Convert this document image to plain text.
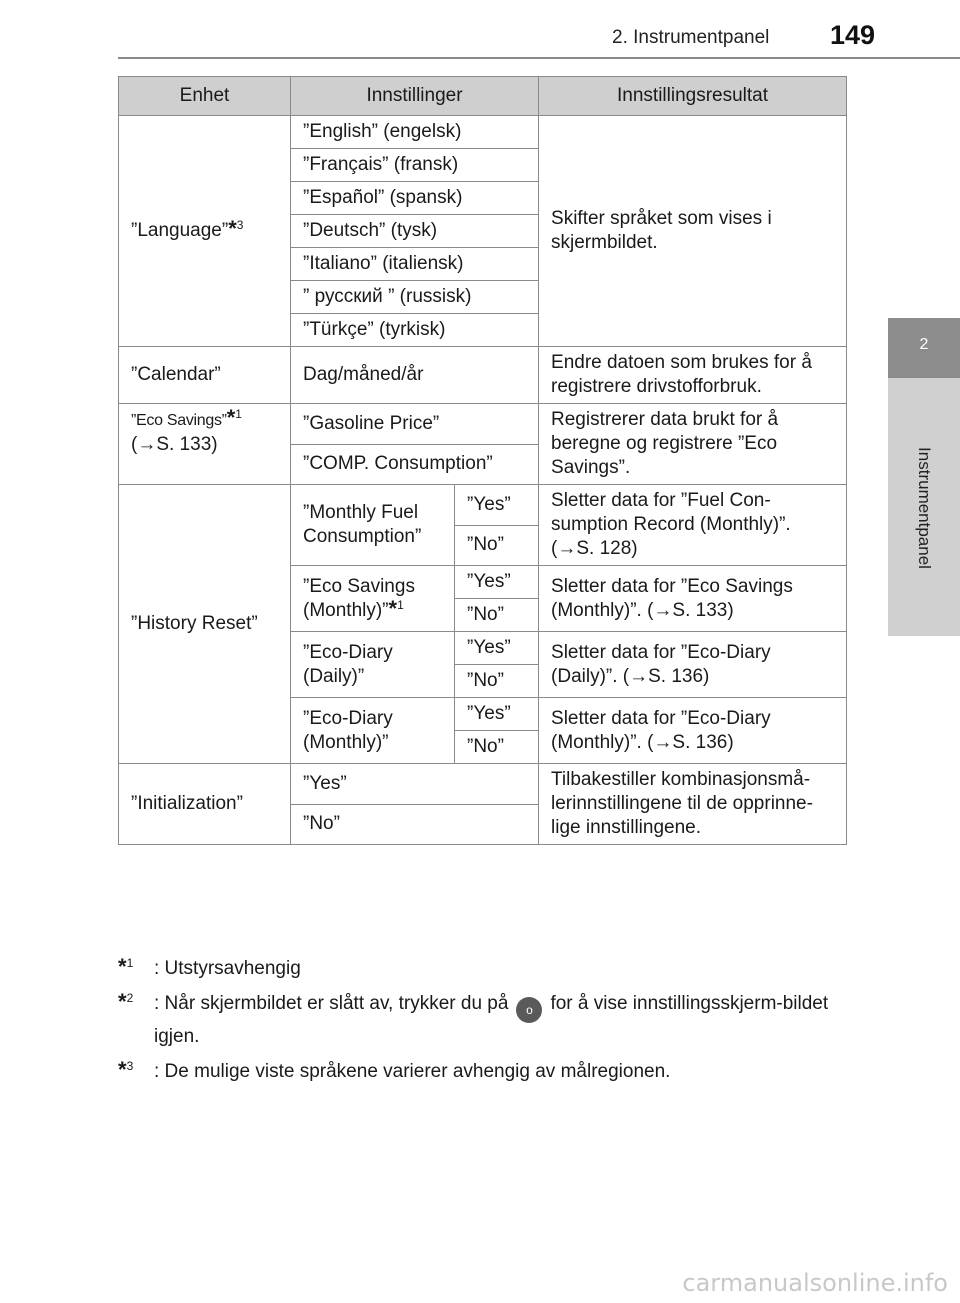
2. Instrumentpanel 149
2
Instrumentpanel
Enhet	Innstillinger		Innstillingsresultat
”Language”*$^3$	”English” (engelsk)		Skifter språket som vises i skjermbildet.
	”Français” (fransk)		
	”Español” (spansk)		
	”Deutsch” (tysk)		
	”Italiano” (italiensk)		
	” русский ” (russisk)		
	”Türkçe” (tyrkisk)		
”Calendar”	Dag/måned/år		Endre datoen som brukes for å registrere drivstofforbruk.
”Eco Savings”*$^1$
(→S. 133)	”Gasoline Price”		Registrerer data brukt for å beregne og registrere ”Eco Savings”.
	”COMP. Consumption”		
”History Reset”	”Monthly Fuel Consumption”	”Yes”	Sletter data for ”Fuel Con-sumption Record (Monthly)”. (→S. 128)
		”No”	
	”Eco Savings (Monthly)”*$^1$	”Yes”	Sletter data for ”Eco Savings (Monthly)”. (→S. 133)
		”No”	
	”Eco-Diary (Daily)”	”Yes”	Sletter data for ”Eco-Diary (Daily)”. (→S. 136)
		”No”	
	”Eco-Diary (Monthly)”	”Yes”	Sletter data for ”Eco-Diary (Monthly)”. (→S. 136)
		”No”	
”Initialization”	”Yes”		Tilbakestiller kombinasjonsmå-lerinnstillingene til de opprinne-lige innstillingene.
	”No”		
*$^1$ : Utstyrsavhengig
*$^2$ : Når skjermbildet er slått av, trykker du på o for å vise innstillingsskjerm-bildet igjen.
*$^3$ : De mulige viste språkene varierer avhengig av målregionen.
carmanualsonline.info
